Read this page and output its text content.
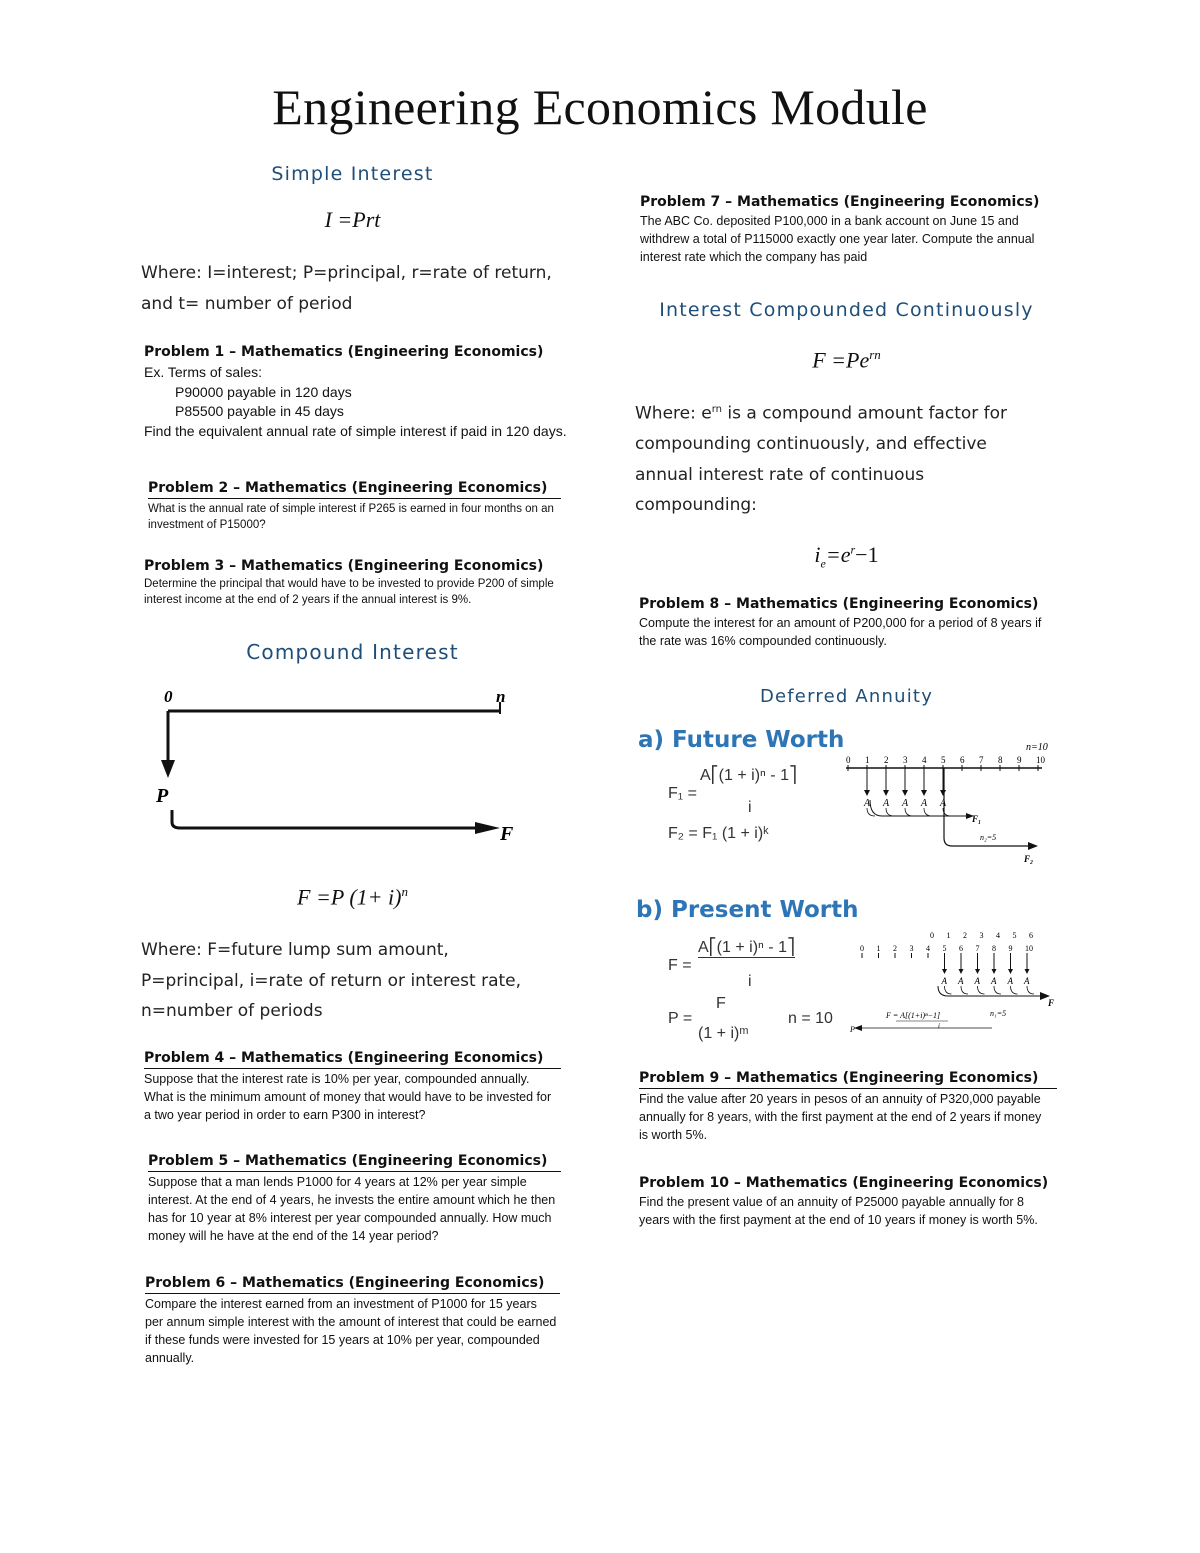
Engineering Economics Module
Simple Interest
I =Prt
Where: I=interest; P=principal, r=rate of return,
and t= number of period
Problem 1 – Mathematics (Engineering Economics)
Ex. Terms of sales:
P90000 payable in 120 days
P85500 payable in 45 days
Find the equivalent annual rate of simple interest if paid in 120 days.
Problem 2 – Mathematics (Engineering Economics)
What is the annual rate of simple interest if P265 is earned in four months on an
investment of P15000?
Problem 3 – Mathematics (Engineering Economics)
Determine the principal that would have to be invested to provide P200 of simple
interest income at the end of 2 years if the annual interest is 9%.
Compound Interest
0	n
P
F
F =P $(1+ i)^n$
Where: F=future lump sum amount,
P=principal, i=rate of return or interest rate,
n=number of periods
Problem 4 – Mathematics (Engineering Economics)
Suppose that the interest rate is 10% per year, compounded annually.
What is the minimum amount of money that would have to be invested for
a two year period in order to earn P300 in interest?
Problem 5 – Mathematics (Engineering Economics)
Suppose that a man lends P1000 for 4 years at 12% per year simple
interest. At the end of 4 years, he invests the entire amount which he then
has for 10 year at 8% interest per year compounded annually. How much
money will he have at the end of the 14 year period?
Problem 6 – Mathematics (Engineering Economics)
Compare the interest earned from an investment of P1000 for 15 years
per annum simple interest with the amount of interest that could be earned
if these funds were invested for 15 years at 10% per year, compounded
annually.
Problem 7 – Mathematics (Engineering Economics)
The ABC Co. deposited P100,000 in a bank account on June 15 and
withdrew a total of P115000 exactly one year later. Compute the annual
interest rate which the company has paid
Interest Compounded Continuously
$F =Pe^{rn}$
Where: $e^{rn}$ is a compound amount factor for
compounding continuously, and effective
annual interest rate of continuous
compounding:
$i_e=e^r-1$
Problem 8 – Mathematics (Engineering Economics)
Compute the interest for an amount of P200,000 for a period of 8 years if
the rate was 16% compounded continuously.
Deferred Annuity
a) Future Worth
F₁ =
A⎡(1 + i)ⁿ - 1⎤
i
F₂ = F₁ (1 + i)ᵏ
n=10
0 1 2 3 4 5 6 7 8 9 10
A A A A A
F₁
n₂=5
F₂
b) Present Worth
F =
A⎡(1 + i)ⁿ - 1⎤
i
P =
F
(1 + i)ᵐ
n = 10
0 1 2 3 4 5 6
0 1 2 3 4 5 6 7 8 9 10
A A A A A A
F
P
F = A[(1+i)ⁿ−1]
i
n₁=5
Problem 9 – Mathematics (Engineering Economics)
Find the value after 20 years in pesos of an annuity of P320,000 payable
annually for 8 years, with the first payment at the end of 2 years if money
is worth 5%.
Problem 10 – Mathematics (Engineering Economics)
Find the present value of an annuity of P25000 payable annually for 8
years with the first payment at the end of 10 years if money is worth 5%.
